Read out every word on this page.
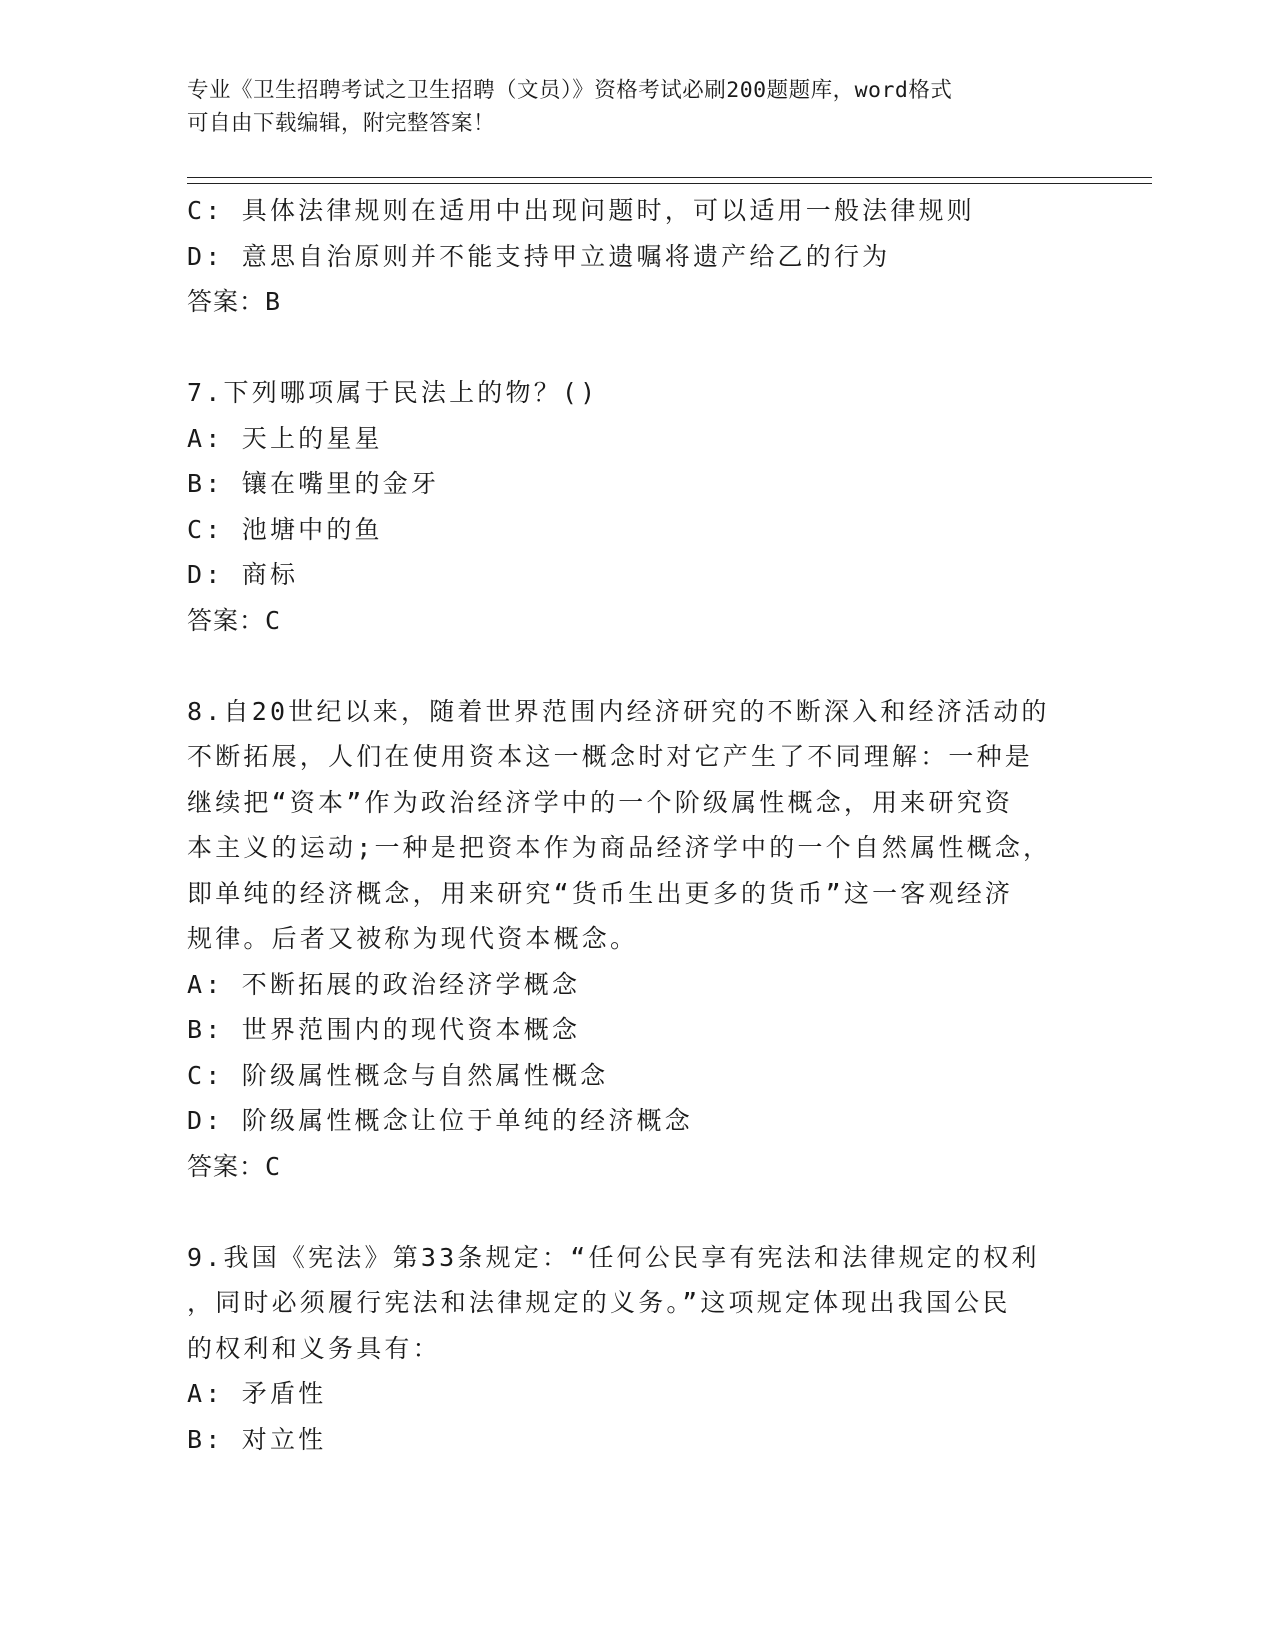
专业《卫生招聘考试之卫生招聘（文员）》资格考试必刷200题题库，word格式
可自由下载编辑，附完整答案！
C: 具体法律规则在适用中出现问题时，可以适用一般法律规则
D: 意思自治原则并不能支持甲立遗嘱将遗产给乙的行为
答案：B
7.下列哪项属于民法上的物？()
A: 天上的星星
B: 镶在嘴里的金牙
C: 池塘中的鱼
D: 商标
答案：C
8.自20世纪以来，随着世界范围内经济研究的不断深入和经济活动的
不断拓展，人们在使用资本这一概念时对它产生了不同理解：一种是
继续把“资本”作为政治经济学中的一个阶级属性概念，用来研究资
本主义的运动;一种是把资本作为商品经济学中的一个自然属性概念，
即单纯的经济概念，用来研究“货币生出更多的货币”这一客观经济
规律。后者又被称为现代资本概念。
A: 不断拓展的政治经济学概念
B: 世界范围内的现代资本概念
C: 阶级属性概念与自然属性概念
D: 阶级属性概念让位于单纯的经济概念
答案：C
9.我国《宪法》第33条规定：“任何公民享有宪法和法律规定的权利
，同时必须履行宪法和法律规定的义务。”这项规定体现出我国公民
的权利和义务具有：
A: 矛盾性
B: 对立性
